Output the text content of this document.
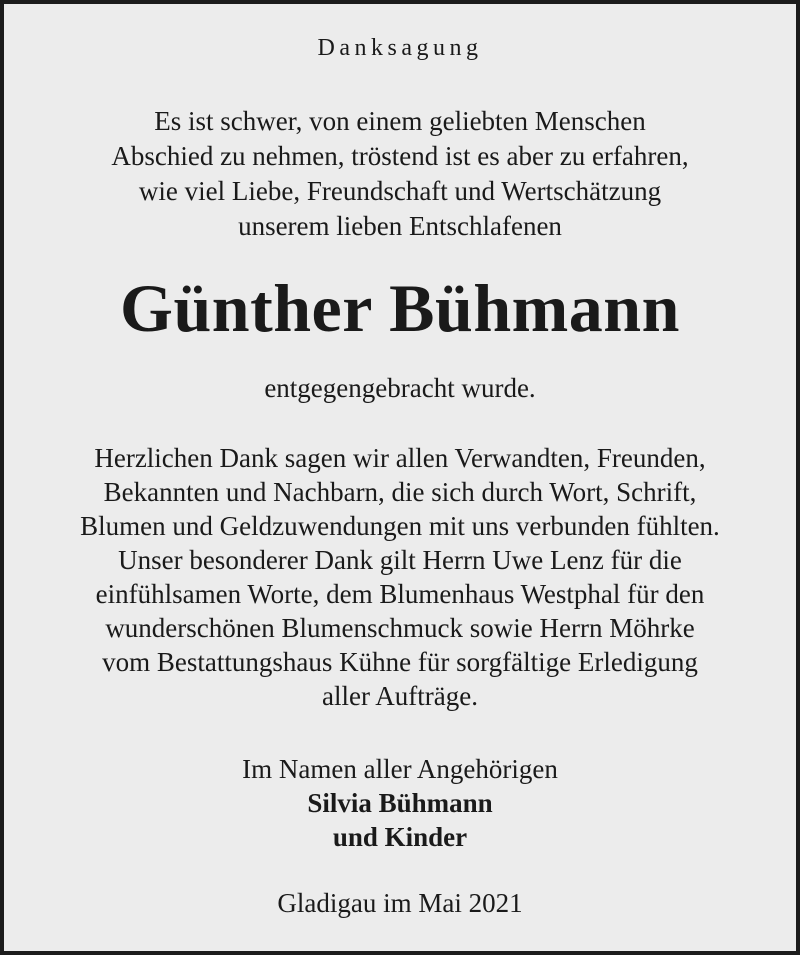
Danksagung
Es ist schwer, von einem geliebten Menschen
Abschied zu nehmen, tröstend ist es aber zu erfahren,
wie viel Liebe, Freundschaft und Wertschätzung
unserem lieben Entschlafenen
Günther Bühmann
entgegengebracht wurde.
Herzlichen Dank sagen wir allen Verwandten, Freunden,
Bekannten und Nachbarn, die sich durch Wort, Schrift,
Blumen und Geldzuwendungen mit uns verbunden fühlten.
Unser besonderer Dank gilt Herrn Uwe Lenz für die
einfühlsamen Worte, dem Blumenhaus Westphal für den
wunderschönen Blumenschmuck sowie Herrn Möhrke
vom Bestattungshaus Kühne für sorgfältige Erledigung
aller Aufträge.
Im Namen aller Angehörigen
Silvia Bühmann
und Kinder
Gladigau im Mai 2021
